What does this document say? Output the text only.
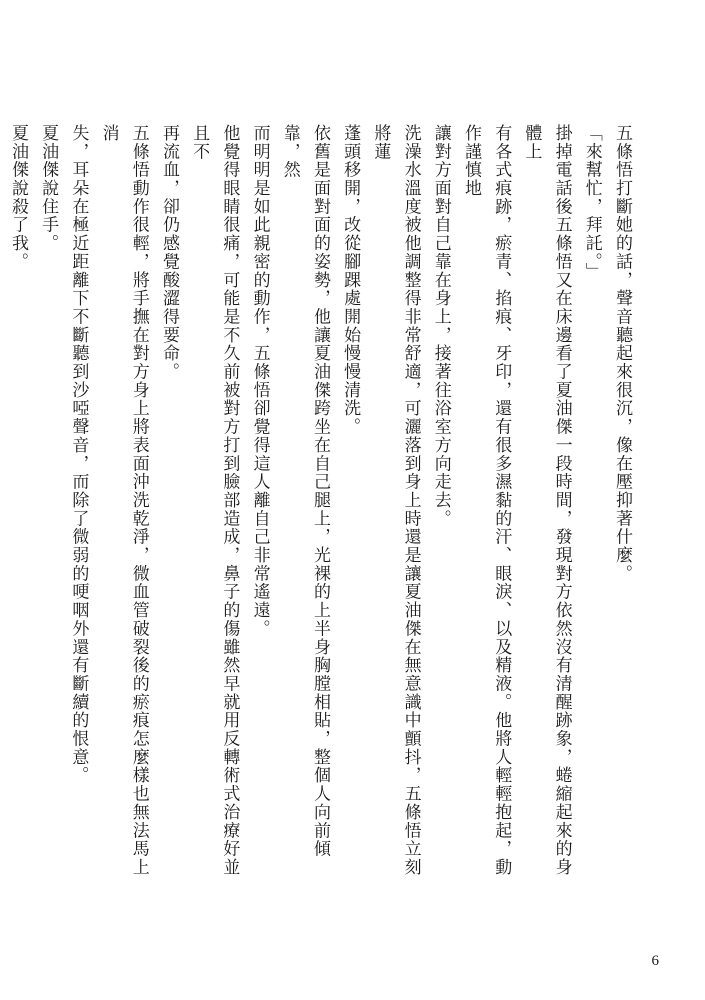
五條悟打斷她的話，聲音聽起來很沉，像在壓抑著什麼。

「來幫忙，拜託。」

掛掉電話後五條悟又在床邊看了夏油傑一段時間，發現對方依然沒有清醒跡象，蜷縮起來的身體上

有各式痕跡，瘀青、掐痕、牙印，還有很多濕黏的汗、眼淚、以及精液。他將人輕輕抱起，動作謹慎地

讓對方面對自己靠在身上，接著往浴室方向走去。

洗澡水溫度被他調整得非常舒適，可灑落到身上時還是讓夏油傑在無意識中顫抖，五條悟立刻將蓮

蓬頭移開，改從腳踝處開始慢慢清洗。

依舊是面對面的姿勢，他讓夏油傑跨坐在自己腿上，光裸的上半身胸膛相貼，整個人向前傾靠，然

而明明是如此親密的動作，五條悟卻覺得這人離自己非常遙遠。

他覺得眼睛很痛，可能是不久前被對方打到臉部造成，鼻子的傷雖然早就用反轉術式治療好並且不

再流血，卻仍感覺酸澀得要命。

五條悟動作很輕，將手撫在對方身上將表面沖洗乾淨，微血管破裂後的瘀痕怎麼樣也無法馬上消

失，耳朵在極近距離下不斷聽到沙啞聲音，而除了微弱的哽咽外還有斷續的恨意。

夏油傑說住手。

夏油傑說殺了我。

6
